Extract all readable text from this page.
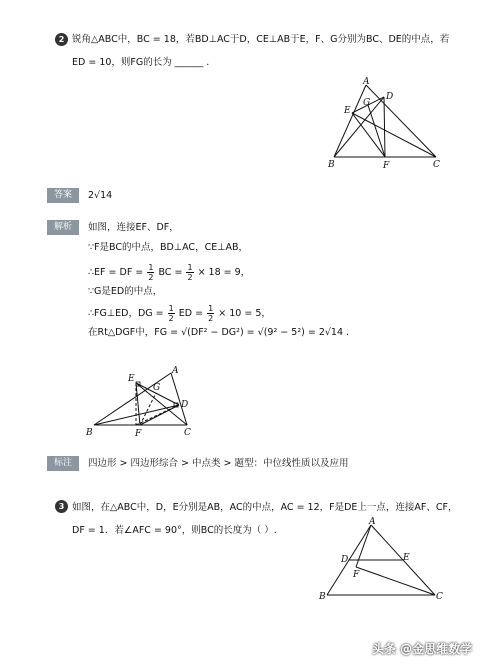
2 锐角△ABC中，BC = 18，若BD⊥AC于D，CE⊥AB于E，F、G分别为BC、DE的中点，若
ED = 10，则FG的长为 ______ .
A
B	C
F
E
D
G
答案	2√14
解析	如图，连接EF、DF，
∵F是BC的中点，BD⊥AC，CE⊥AB，
∴EF = DF = $\frac{1}{2}$ BC = $\frac{1}{2} \times 18 = 9$，
∵G是ED的中点，
∴FG⊥ED，DG = $\frac{1}{2}$ ED = $\frac{1}{2} \times 10 = 5$，
在Rt△DGF中，FG = √(DF² − DG²) = √(9² − 5²) = 2√14 .
A
B	C
F
E
D
G
标注	四边形 > 四边形综合 > 中点类 > 题型：中位线性质以及应用
3 如图，在△ABC中，D，E分别是AB，AC的中点，AC = 12，F是DE上一点，连接AF、CF，
DF = 1．若∠AFC = 90°，则BC的长度为（ ）.
A
B	C
D	E
F
头条 @金思维数学
